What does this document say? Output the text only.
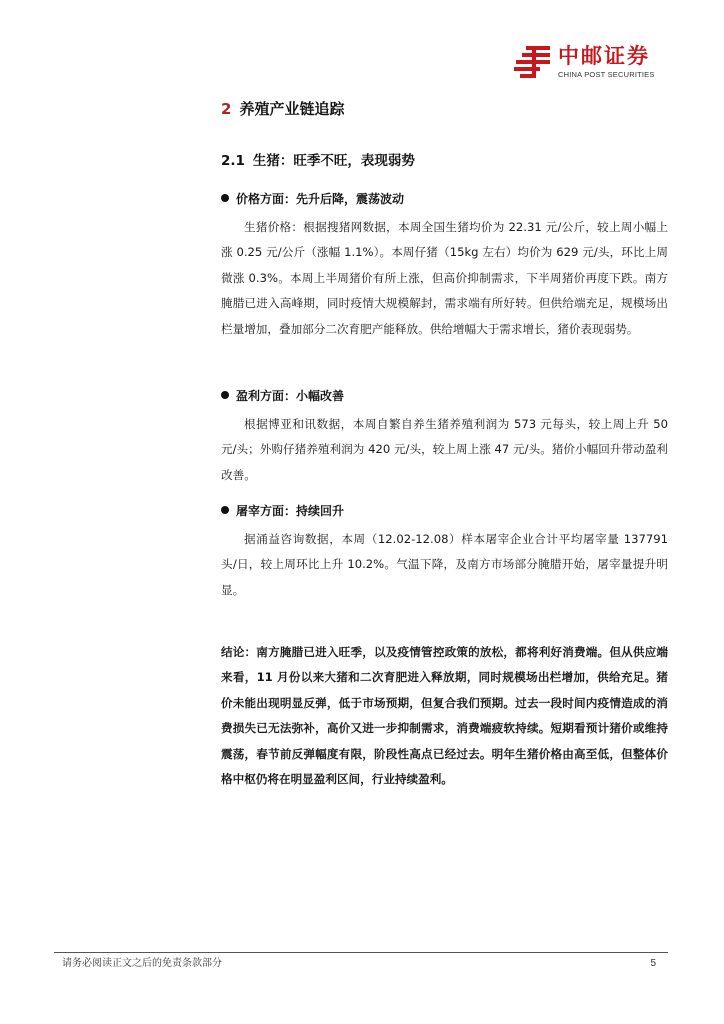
中邮证券
CHINA POST SECURITIES
2 养殖产业链追踪
2.1 生猪：旺季不旺，表现弱势
价格方面：先升后降，震荡波动
生猪价格：根据搜猪网数据，本周全国生猪均价为 22.31 元/公斤，较上周小幅上涨 0.25 元/公斤（涨幅 1.1%）。本周仔猪（15kg 左右）均价为 629 元/头，环比上周微涨 0.3%。本周上半周猪价有所上涨，但高价抑制需求，下半周猪价再度下跌。南方腌腊已进入高峰期，同时疫情大规模解封，需求端有所好转。但供给端充足，规模场出栏量增加，叠加部分二次育肥产能释放。供给增幅大于需求增长，猪价表现弱势。
盈利方面：小幅改善
根据博亚和讯数据，本周自繁自养生猪养殖利润为 573 元每头，较上周上升 50 元/头；外购仔猪养殖利润为 420 元/头，较上周上涨 47 元/头。猪价小幅回升带动盈利改善。
屠宰方面：持续回升
据涌益咨询数据，本周（12.02-12.08）样本屠宰企业合计平均屠宰量 137791 头/日，较上周环比上升 10.2%。气温下降，及南方市场部分腌腊开始，屠宰量提升明显。
结论：南方腌腊已进入旺季，以及疫情管控政策的放松，都将利好消费端。但从供应端来看，11 月份以来大猪和二次育肥进入释放期，同时规模场出栏增加，供给充足。猪价未能出现明显反弹，低于市场预期，但复合我们预期。过去一段时间内疫情造成的消费损失已无法弥补，高价又进一步抑制需求，消费端疲软持续。短期看预计猪价或维持震荡，春节前反弹幅度有限，阶段性高点已经过去。明年生猪价格由高至低，但整体价格中枢仍将在明显盈利区间，行业持续盈利。
请务必阅读正文之后的免责条款部分	5
